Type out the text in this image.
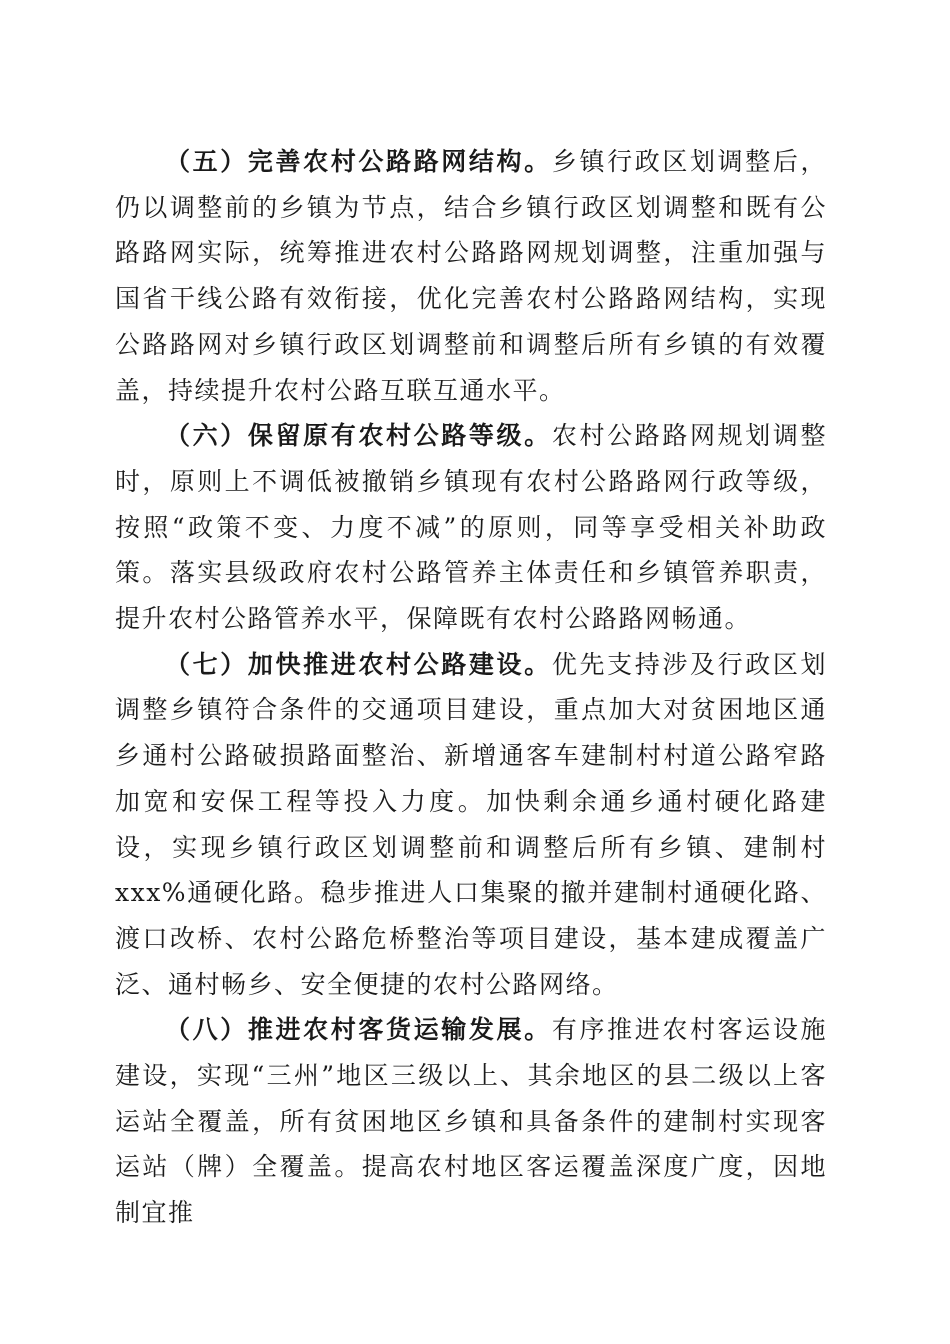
（五）完善农村公路路网结构。乡镇行政区划调整后，仍以调整前的乡镇为节点，结合乡镇行政区划调整和既有公路路网实际，统筹推进农村公路路网规划调整，注重加强与国省干线公路有效衔接，优化完善农村公路路网结构，实现公路路网对乡镇行政区划调整前和调整后所有乡镇的有效覆盖，持续提升农村公路互联互通水平。

（六）保留原有农村公路等级。农村公路路网规划调整时，原则上不调低被撤销乡镇现有农村公路路网行政等级，按照“政策不变、力度不减”的原则，同等享受相关补助政策。落实县级政府农村公路管养主体责任和乡镇管养职责，提升农村公路管养水平，保障既有农村公路路网畅通。

（七）加快推进农村公路建设。优先支持涉及行政区划调整乡镇符合条件的交通项目建设，重点加大对贫困地区通乡通村公路破损路面整治、新增通客车建制村村道公路窄路加宽和安保工程等投入力度。加快剩余通乡通村硬化路建设，实现乡镇行政区划调整前和调整后所有乡镇、建制村 xxx%通硬化路。稳步推进人口集聚的撤并建制村通硬化路、渡口改桥、农村公路危桥整治等项目建设，基本建成覆盖广泛、通村畅乡、安全便捷的农村公路网络。

（八）推进农村客货运输发展。有序推进农村客运设施建设，实现“三州”地区三级以上、其余地区的县二级以上客运站全覆盖，所有贫困地区乡镇和具备条件的建制村实现客运站（牌）全覆盖。提高农村地区客运覆盖深度广度，因地制宜推
